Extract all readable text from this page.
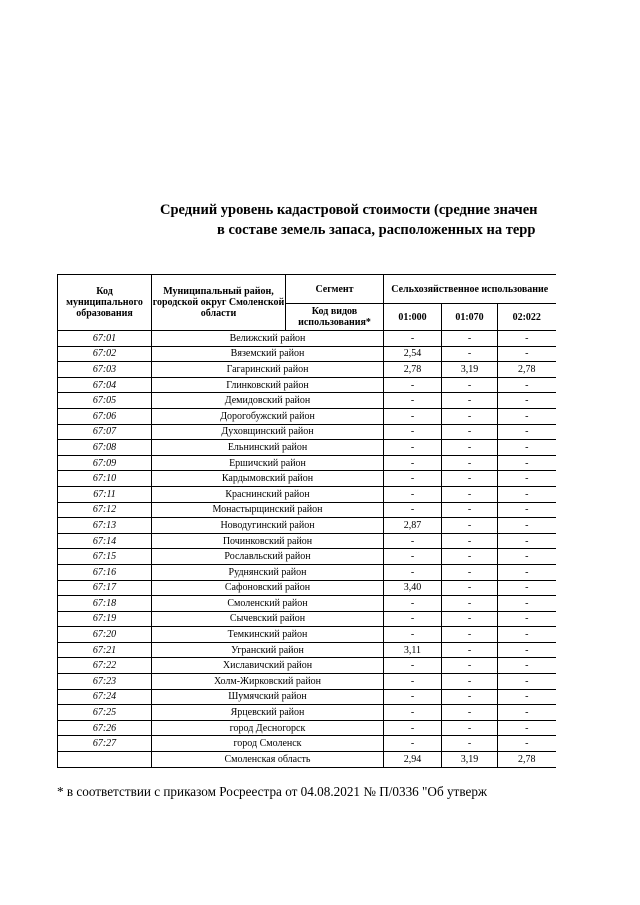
Средний уровень кадастровой стоимости (средние значен
в составе земель запаса, расположенных на терр
Код муниципального образования	Муниципальный район, городской округ Смоленской области	Сегмент	Сельхозяйственное использование		
		Код видов использования*	01:000	01:070	02:022
67:01	Велижский район		-	-	-
67:02	Вяземский район		2,54	-	-
67:03	Гагаринский район		2,78	3,19	2,78
67:04	Глинковский район		-	-	-
67:05	Демидовский район		-	-	-
67:06	Дорогобужский район		-	-	-
67:07	Духовщинский район		-	-	-
67:08	Ельнинский район		-	-	-
67:09	Ершичский район		-	-	-
67:10	Кардымовский район		-	-	-
67:11	Краснинский район		-	-	-
67:12	Монастырщинский район		-	-	-
67:13	Новодугинский район		2,87	-	-
67:14	Починковский район		-	-	-
67:15	Рославльский район		-	-	-
67:16	Руднянский район		-	-	-
67:17	Сафоновский район		3,40	-	-
67:18	Смоленский район		-	-	-
67:19	Сычевский район		-	-	-
67:20	Темкинский район		-	-	-
67:21	Угранский район		3,11	-	-
67:22	Хиславичский район		-	-	-
67:23	Холм-Жирковский район		-	-	-
67:24	Шумячский район		-	-	-
67:25	Ярцевский район		-	-	-
67:26	город Десногорск		-	-	-
67:27	город Смоленск		-	-	-
	Смоленская область		2,94	3,19	2,78
* в соответствии с приказом Росреестра от 04.08.2021 № П/0336 "Об утверж
